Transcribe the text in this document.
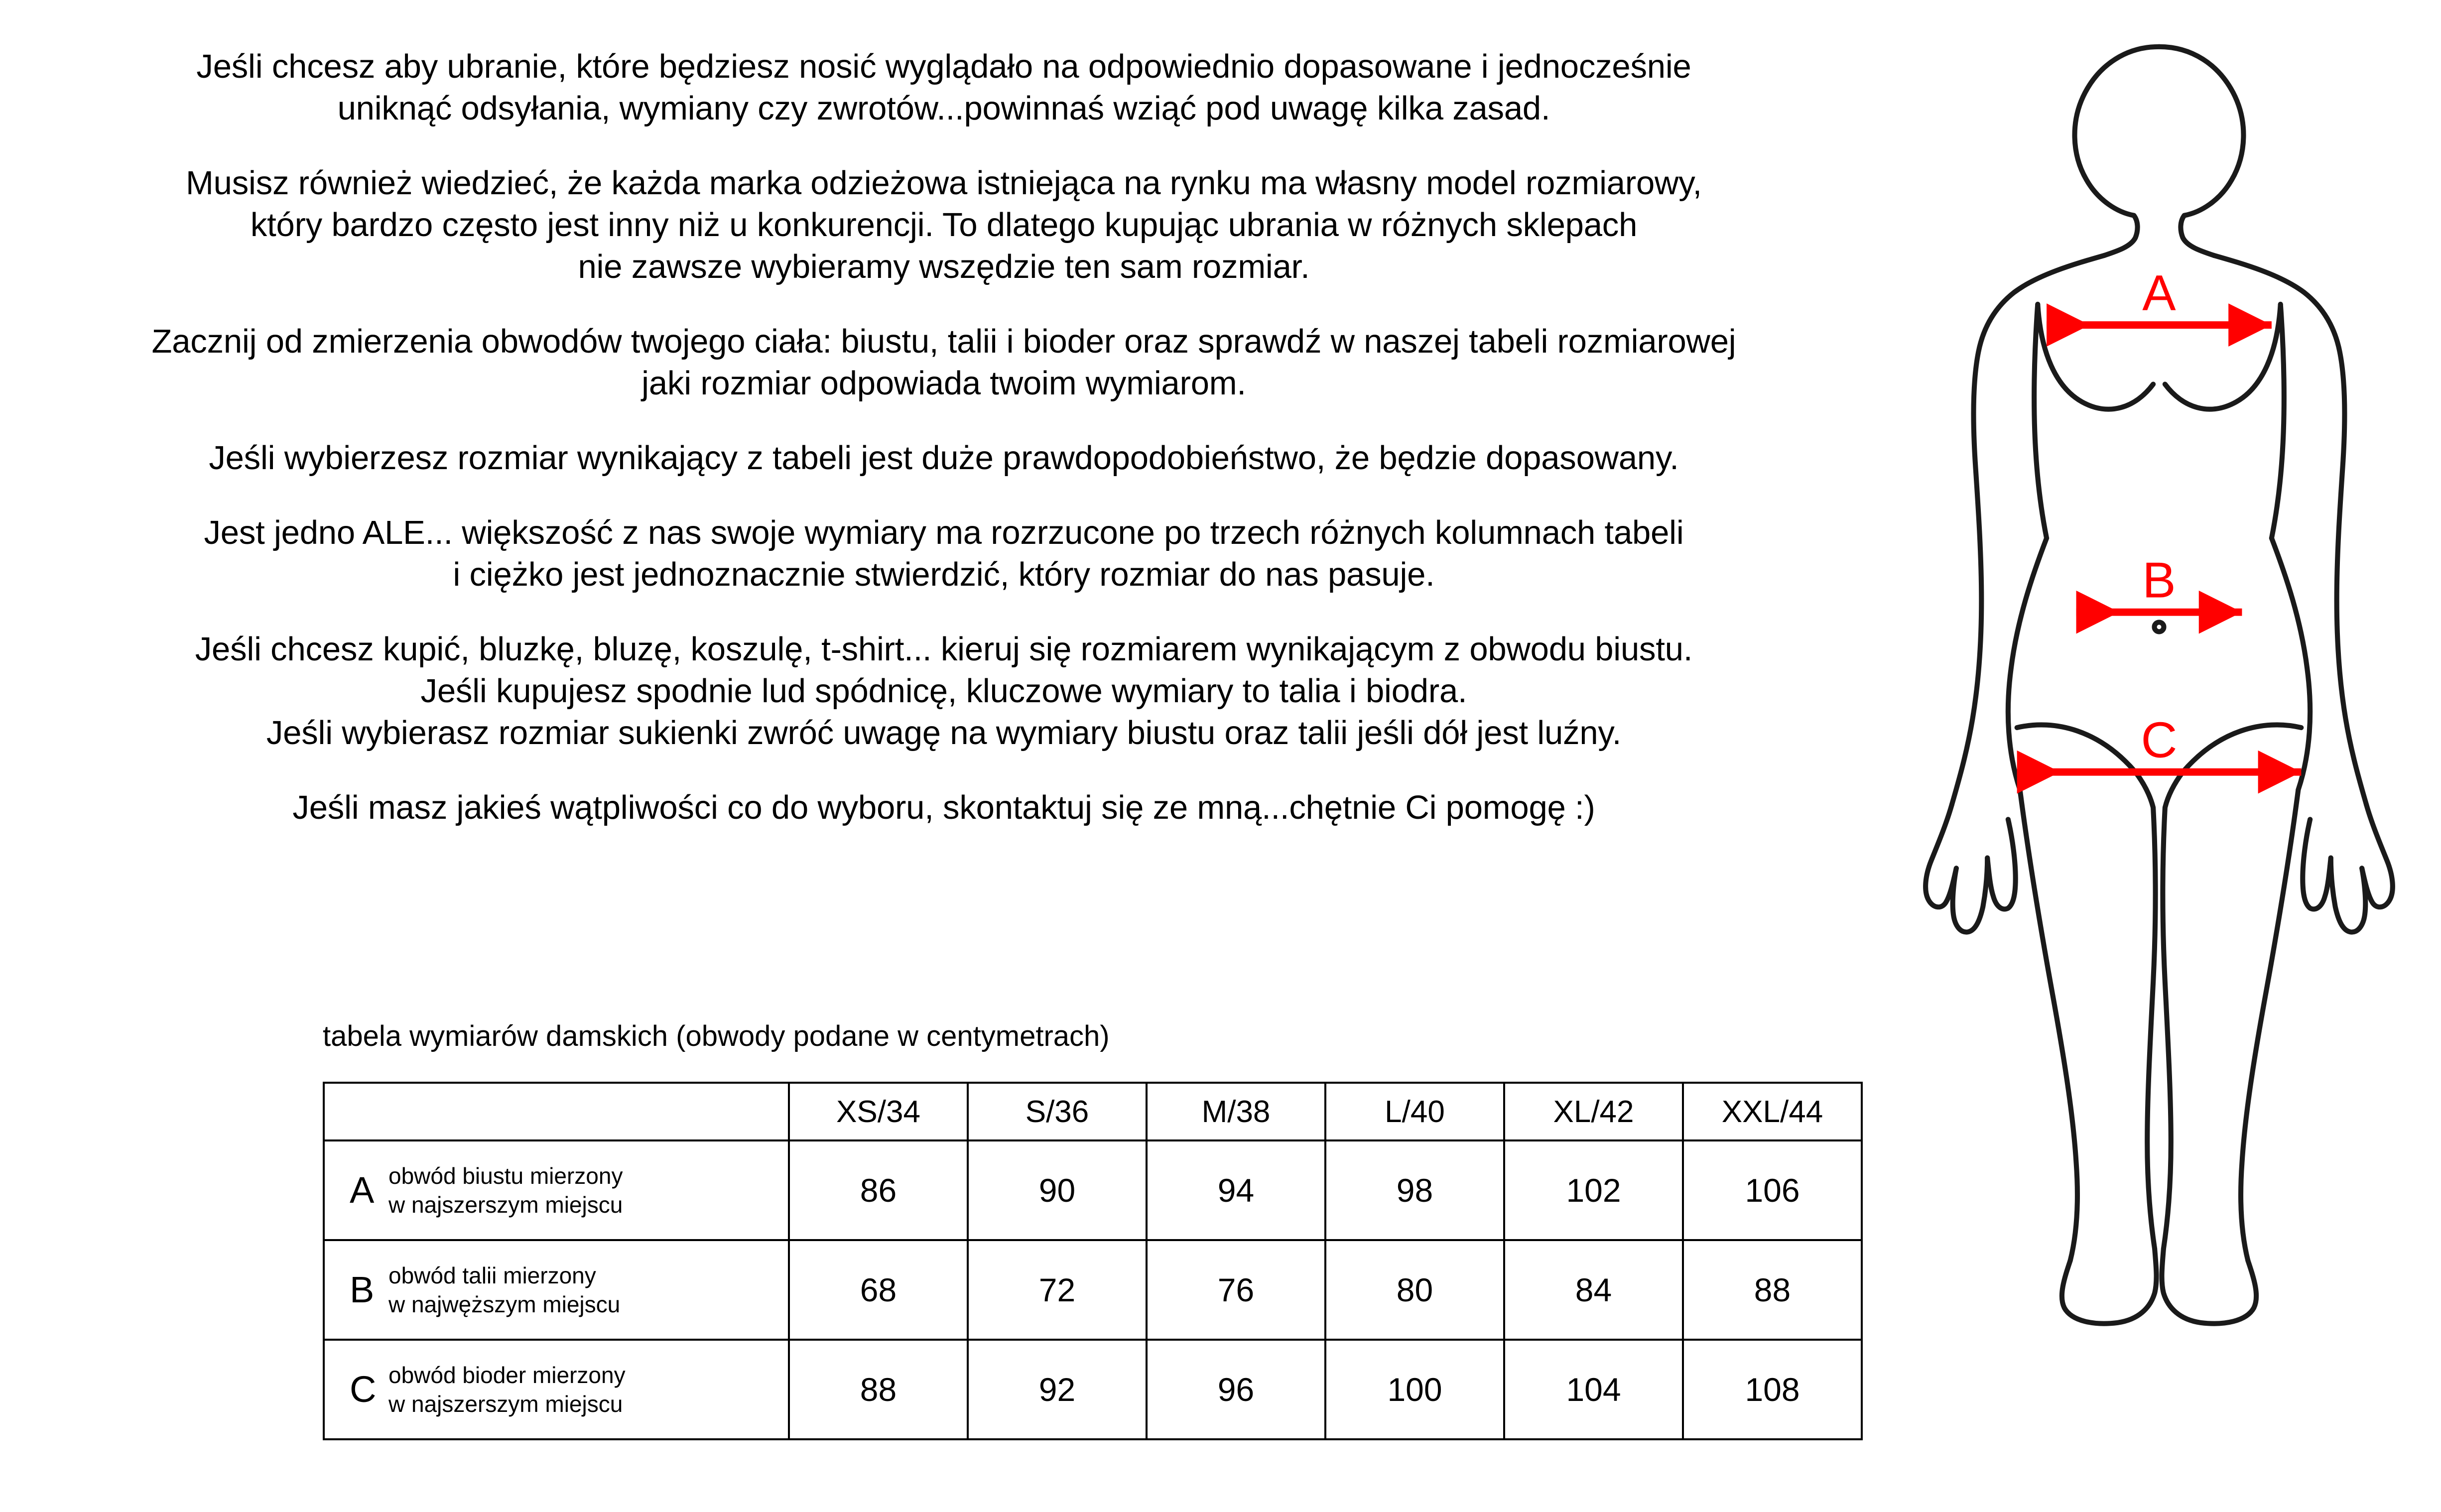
Jeśli chcesz aby ubranie, które będziesz nosić wyglądało na odpowiednio dopasowane i jednocześnie
uniknąć odsyłania, wymiany czy zwrotów...powinnaś wziąć pod uwagę kilka zasad.

Musisz również wiedzieć, że każda marka odzieżowa istniejąca na rynku ma własny model rozmiarowy,
który bardzo często jest inny niż u konkurencji. To dlatego kupując ubrania w różnych sklepach
nie zawsze wybieramy wszędzie ten sam rozmiar.

Zacznij od zmierzenia obwodów twojego ciała: biustu, talii i bioder oraz sprawdź w naszej tabeli rozmiarowej
jaki rozmiar odpowiada twoim wymiarom.

Jeśli wybierzesz rozmiar wynikający z tabeli jest duże prawdopodobieństwo, że będzie dopasowany.

Jest jedno ALE... większość z nas swoje wymiary ma rozrzucone po trzech różnych kolumnach tabeli
i ciężko jest jednoznacznie stwierdzić, który rozmiar do nas pasuje.

Jeśli chcesz kupić, bluzkę, bluzę, koszulę, t-shirt... kieruj się rozmiarem wynikającym z obwodu biustu.
Jeśli kupujesz spodnie lud spódnicę, kluczowe wymiary to talia i biodra.
Jeśli wybierasz rozmiar sukienki zwróć uwagę na wymiary biustu oraz talii jeśli dół jest luźny.

Jeśli masz jakieś wątpliwości co do wyboru, skontaktuj się ze mną...chętnie Ci pomogę :)

tabela wymiarów damskich (obwody podane w centymetrach)
	XS/34	S/36	M/38	L/40	XL/42	XXL/44

A obwód biustu mierzony
w najszerszym miejscu	86	90	94	98	102	106

B obwód talii mierzony
w najwęższym miejscu	68	72	76	80	84	88

C obwód bioder mierzony
w najszerszym miejscu	88	92	96	100	104	108
A
B
C
